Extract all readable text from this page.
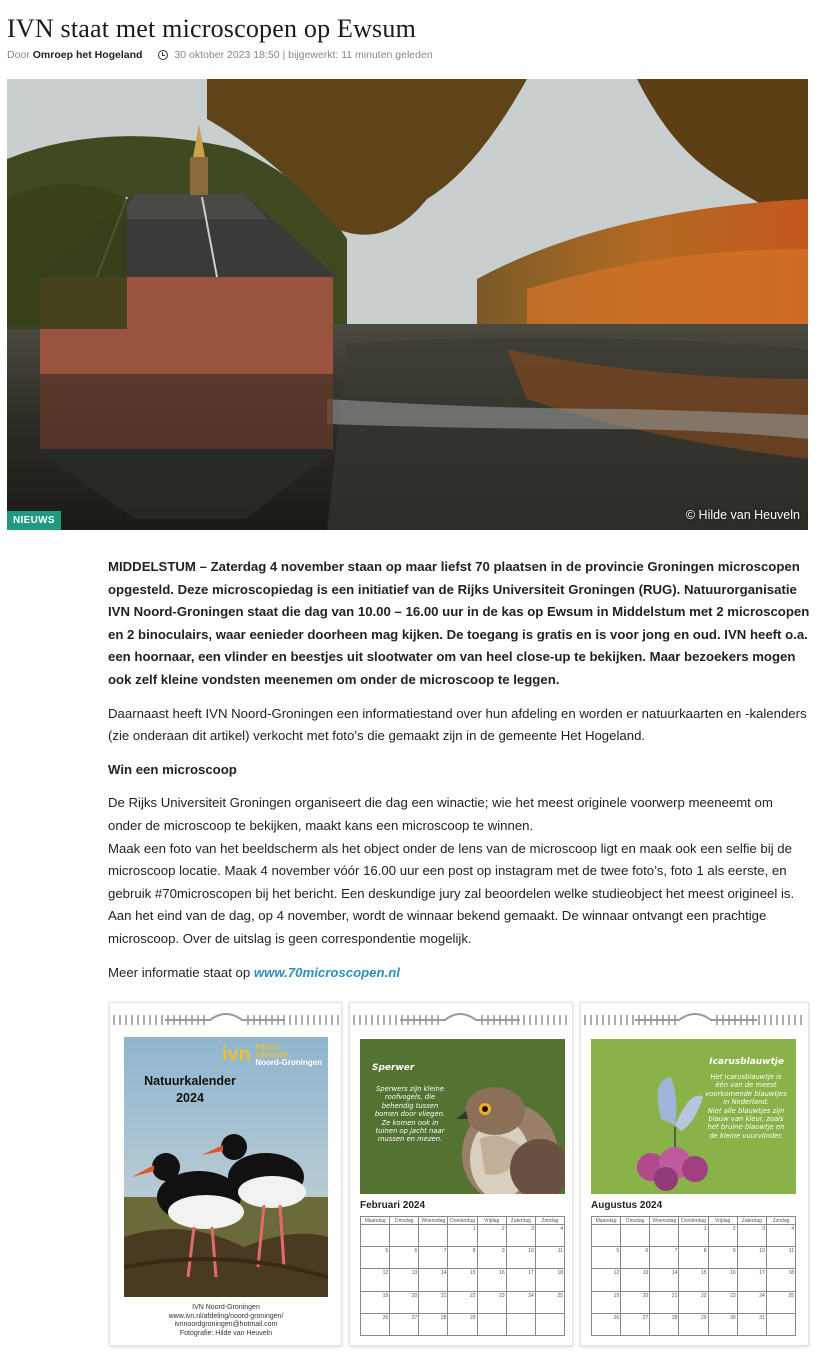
IVN staat met microscopen op Ewsum
Door Omroep het Hogeland	30 oktober 2023 18:50 | bijgewerkt: 11 minuten geleden
© Hilde van Heuveln
NIEUWS

MIDDELSTUM – Zaterdag 4 november staan op maar liefst 70 plaatsen in de provincie Groningen microscopen opgesteld. Deze microscopiedag is een initiatief van de Rijks Universiteit Groningen (RUG). Natuurorganisatie IVN Noord-Groningen staat die dag van 10.00 – 16.00 uur in de kas op Ewsum in Middelstum met 2 microscopen en 2 binoculairs, waar eenieder doorheen mag kijken. De toegang is gratis en is voor jong en oud. IVN heeft o.a. een hoornaar, een vlinder en beestjes uit slootwater om van heel close-up te bekijken. Maar bezoekers mogen ook zelf kleine vondsten meenemen om onder de microscoop te leggen.

Daarnaast heeft IVN Noord-Groningen een informatiestand over hun afdeling en worden er natuurkaarten en -kalenders (zie onderaan dit artikel) verkocht met foto’s die gemaakt zijn in de gemeente Het Hogeland.

Win een microscoop

De Rijks Universiteit Groningen organiseert die dag een winactie; wie het meest originele voorwerp meeneemt om onder de microscoop te bekijken, maakt kans een microscoop te winnen.

Maak een foto van het beeldscherm als het object onder de lens van de microscoop ligt en maak ook een selfie bij de microscoop locatie. Maak 4 november vóór 16.00 uur een post op instagram met de twee foto’s, foto 1 als eerste, en gebruik #70microscopen bij het bericht. Een deskundige jury zal beoordelen welke studieobject het meest origineel is. Aan het eind van de dag, op 4 november, wordt de winnaar bekend gemaakt. De winnaar ontvangt een prachtige microscoop. Over de uitslag is geen correspondentie mogelijk.

Meer informatie staat op www.70microscopen.nl

Natuurkalender
2024
ivn natuur
educatie
Noord-Groningen
IVN Noord-Groningen
www.ivn.nl/afdeling/noord-groningen/
ivnnoordgroningen@hotmail.com
Fotografie: Hilde van Heuveln
Sperwer
Sperwers zijn kleine
roofvogels, die
behendig tussen
bomen door vliegen.
Ze komen ook in
tuinen op jacht naar
mussen en mezen.
Februari 2024
Maandag	Dinsdag	Woensdag	Donderdag	Vrijdag	Zaterdag	Zondag
			1	2	3	4
5	6	7	8	9	10	11
12	13	14	15	16	17	18
19	20	21	22	23	24	25
26	27	28	29			
Icarusblauwtje
Het icarusblauwtje is
één van de meest
voorkomende blauwtjes
in Nederland.
Niet alle blauwtjes zijn
blauw van kleur, zoals
het bruine blauwtje en
de kleine vuurvlinder.
Augustus 2024
Maandag	Dinsdag	Woensdag	Donderdag	Vrijdag	Zaterdag	Zondag
			1	2	3	4
5	6	7	8	9	10	11
12	13	14	15	16	17	18
19	20	21	22	23	24	25
26	27	28	29	30	31	
